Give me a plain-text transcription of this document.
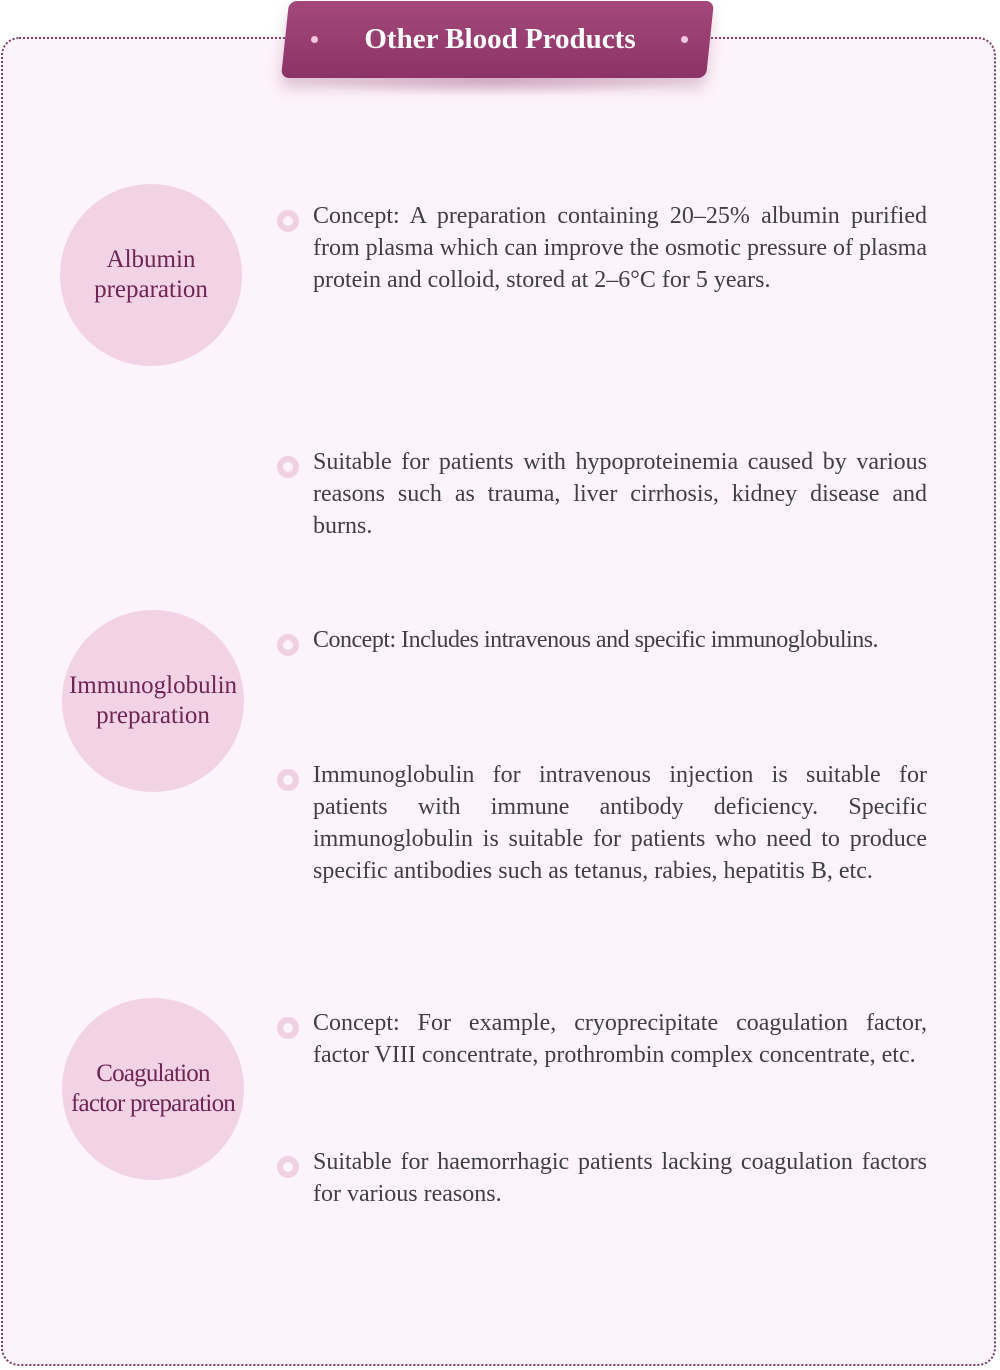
Other Blood Products
Albumin
preparation

Concept: A preparation containing 20–25% albumin purified from plasma which can improve the osmotic pressure of plasma protein and colloid, stored at 2–6°C for 5 years.

Suitable for patients with hypoproteinemia caused by various reasons such as trauma, liver cirrhosis, kidney disease and burns.

Immunoglobulin
preparation

Concept: Includes intravenous and specific immunoglobulins.

Immunoglobulin for intravenous injection is suitable for patients with immune antibody deficiency. Specific immunoglobulin is suitable for patients who need to produce specific antibodies such as tetanus, rabies, hepatitis B, etc.

Coagulation
factor preparation

Concept: For example, cryoprecipitate coagulation factor, factor VIII concentrate, prothrombin complex concentrate, etc.

Suitable for haemorrhagic patients lacking coagulation factors for various reasons.
